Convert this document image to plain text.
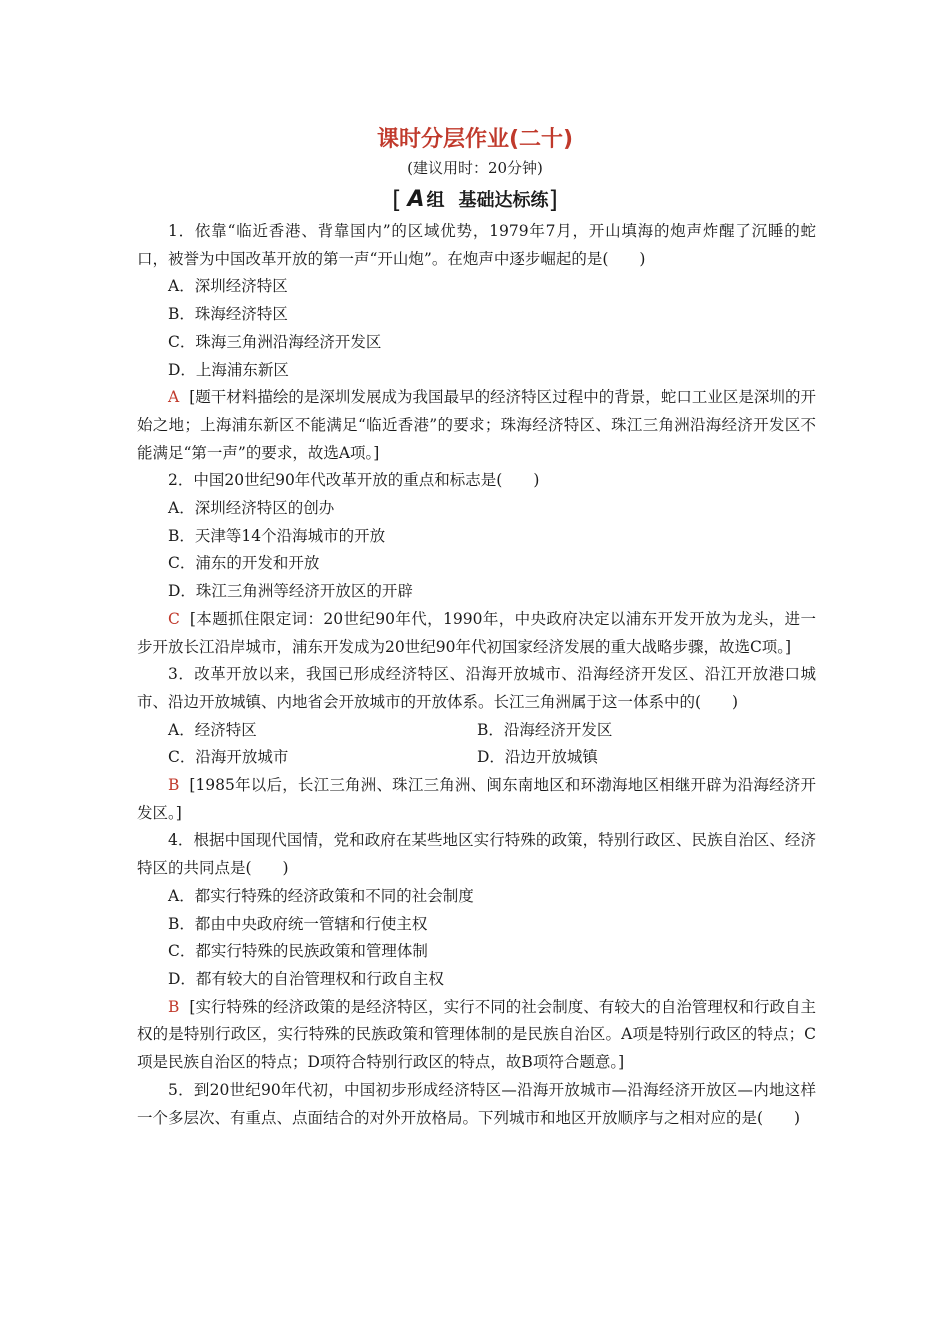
课时分层作业(二十)
(建议用时：20分钟)
[ A 组 基础达标练]

1．依靠“临近香港、背靠国内”的区域优势，1979年7月，开山填海的炮声炸醒了沉睡的蛇口，被誉为中国改革开放的第一声“开山炮”。在炮声中逐步崛起的是(　　)

A．深圳经济特区

B．珠海经济特区

C．珠海三角洲沿海经济开发区

D．上海浦东新区

A [题干材料描绘的是深圳发展成为我国最早的经济特区过程中的背景，蛇口工业区是深圳的开始之地；上海浦东新区不能满足“临近香港”的要求；珠海经济特区、珠江三角洲沿海经济开发区不能满足“第一声”的要求，故选A项。]

2．中国20世纪90年代改革开放的重点和标志是(　　)

A．深圳经济特区的创办

B．天津等14个沿海城市的开放

C．浦东的开发和开放

D．珠江三角洲等经济开放区的开辟

C [本题抓住限定词：20世纪90年代，1990年，中央政府决定以浦东开发开放为龙头，进一步开放长江沿岸城市，浦东开发成为20世纪90年代初国家经济发展的重大战略步骤，故选C项。]

3．改革开放以来，我国已形成经济特区、沿海开放城市、沿海经济开发区、沿江开放港口城市、沿边开放城镇、内地省会开放城市的开放体系。长江三角洲属于这一体系中的(　　)

A．经济特区	B．沿海经济开发区
C．沿海开放城市	D．沿边开放城镇

B [1985年以后，长江三角洲、珠江三角洲、闽东南地区和环渤海地区相继开辟为沿海经济开发区。]

4．根据中国现代国情，党和政府在某些地区实行特殊的政策，特别行政区、民族自治区、经济特区的共同点是(　　)

A．都实行特殊的经济政策和不同的社会制度

B．都由中央政府统一管辖和行使主权

C．都实行特殊的民族政策和管理体制

D．都有较大的自治管理权和行政自主权

B [实行特殊的经济政策的是经济特区，实行不同的社会制度、有较大的自治管理权和行政自主权的是特别行政区，实行特殊的民族政策和管理体制的是民族自治区。A项是特别行政区的特点；C项是民族自治区的特点；D项符合特别行政区的特点，故B项符合题意。]

5．到20世纪90年代初，中国初步形成经济特区—沿海开放城市—沿海经济开放区—内地这样一个多层次、有重点、点面结合的对外开放格局。下列城市和地区开放顺序与之相对应的是(　　)
